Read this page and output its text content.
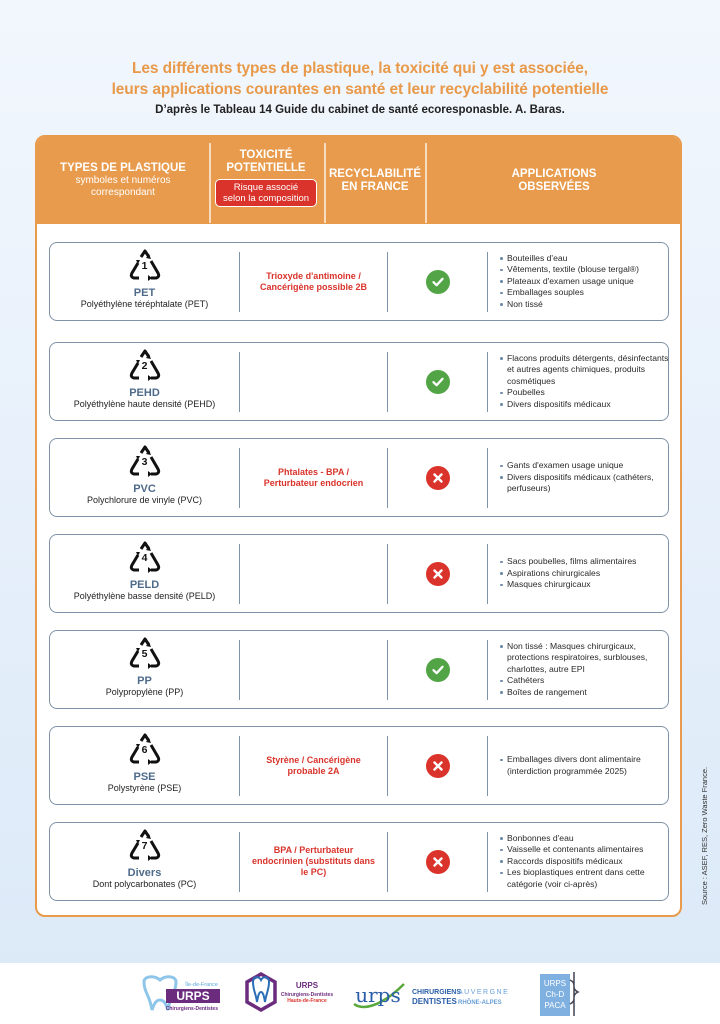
Les différents types de plastique, la toxicité qui y est associée,
leurs applications courantes en santé et leur recyclabilité potentielle
D’après le Tableau 14 Guide du cabinet de santé ecoresponasble. A. Baras.
TYPES DE PLASTIQUE
symboles et numéros
correspondant
TOXICITÉ
POTENTIELLE
Risque associé
selon la composition
RECYCLABILITÉ
EN FRANCE
APPLICATIONS
OBSERVÉES
1
PET
Polyéthylène téréphtalate (PET)
Trioxyde d'antimoine / Cancérigène possible 2B
Bouteilles d'eau
Vêtements, textile (blouse tergal®)
Plateaux d'examen usage unique
Emballages souples
Non tissé
2
PEHD
Polyéthylène haute densité (PEHD)
Flacons produits détergents, désinfectants et autres agents chimiques, produits cosmétiques
Poubelles
Divers dispositifs médicaux
3
PVC
Polychlorure de vinyle (PVC)
Phtalates - BPA / Perturbateur endocrien
Gants d'examen usage unique
Divers dispositifs médicaux (cathéters, perfuseurs)
4
PELD
Polyéthylène basse densité (PELD)
Sacs poubelles, films alimentaires
Aspirations chirurgicales
Masques chirurgicaux
5
PP
Polypropylène (PP)
Non tissé : Masques chirurgicaux, protections respiratoires, surblouses, charlottes, autre EPI
Cathéters
Boîtes de rangement
6
PSE
Polystyrène (PSE)
Styrène / Cancérigène probable 2A
Emballages divers dont alimentaire (interdiction programmée 2025)
7
Divers
Dont polycarbonates (PC)
BPA / Perturbateur endocrinien (substituts dans le PC)
Bonbonnes d'eau
Vaisselle et contenants alimentaires
Raccords dispositifs médicaux
Les bioplastiques entrent dans cette catégorie (voir ci-après)	Source : ASEF, RES, Zero Waste France.
URPS
Île-de-France
Chirurgiens-Dentistes
URPS
Chirurgiens-Dentistes
Hauts-de-France urps CHIRURGIENS
AUVERGNE
DENTISTES RHÔNE-ALPES
URPS
Ch-D
PACA
